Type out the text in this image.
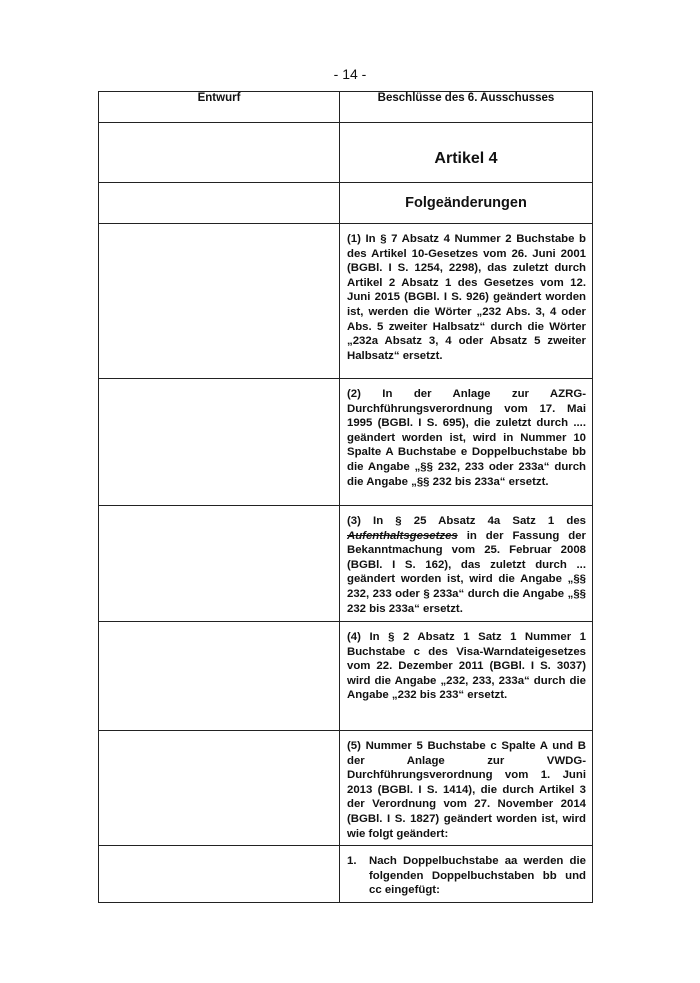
- 14 -
Entwurf	Beschlüsse des 6. Ausschusses

	Artikel 4

	Folgeänderungen

	(1) In § 7 Absatz 4 Nummer 2 Buchstabe b des Artikel 10-Gesetzes vom 26. Juni 2001 (BGBl. I S. 1254, 2298), das zuletzt durch Artikel 2 Absatz 1 des Gesetzes vom 12. Juni 2015 (BGBl. I S. 926) geändert worden ist, werden die Wörter „232 Abs. 3, 4 oder Abs. 5 zweiter Halbsatz“ durch die Wörter „232a Absatz 3, 4 oder Absatz 5 zweiter Halbsatz“ ersetzt.

	(2) In der Anlage zur AZRG-Durchführungsverordnung vom 17. Mai 1995 (BGBl. I S. 695), die zuletzt durch .... geändert worden ist, wird in Nummer 10 Spalte A Buchstabe e Doppelbuchstabe bb die Angabe „§§ 232, 233 oder 233a“ durch die Angabe „§§ 232 bis 233a“ ersetzt.

	(3) In § 25 Absatz 4a Satz 1 des Aufenthaltsgesetzes in der Fassung der Bekanntmachung vom 25. Februar 2008 (BGBl. I S. 162), das zuletzt durch ... geändert worden ist, wird die Angabe „§§ 232, 233 oder § 233a“ durch die Angabe „§§ 232 bis 233a“ ersetzt.

	(4) In § 2 Absatz 1 Satz 1 Nummer 1 Buchstabe c des Visa-Warndateigesetzes vom 22. Dezember 2011 (BGBl. I S. 3037) wird die Angabe „232, 233, 233a“ durch die Angabe „232 bis 233“ ersetzt.

	(5) Nummer 5 Buchstabe c Spalte A und B der Anlage zur VWDG-Durchführungsverordnung vom 1. Juni 2013 (BGBl. I S. 1414), die durch Artikel 3 der Verordnung vom 27. November 2014 (BGBl. I S. 1827) geändert worden ist, wird wie folgt geändert:

	1. Nach Doppelbuchstabe aa werden die folgenden Doppelbuchstaben bb und cc eingefügt:
